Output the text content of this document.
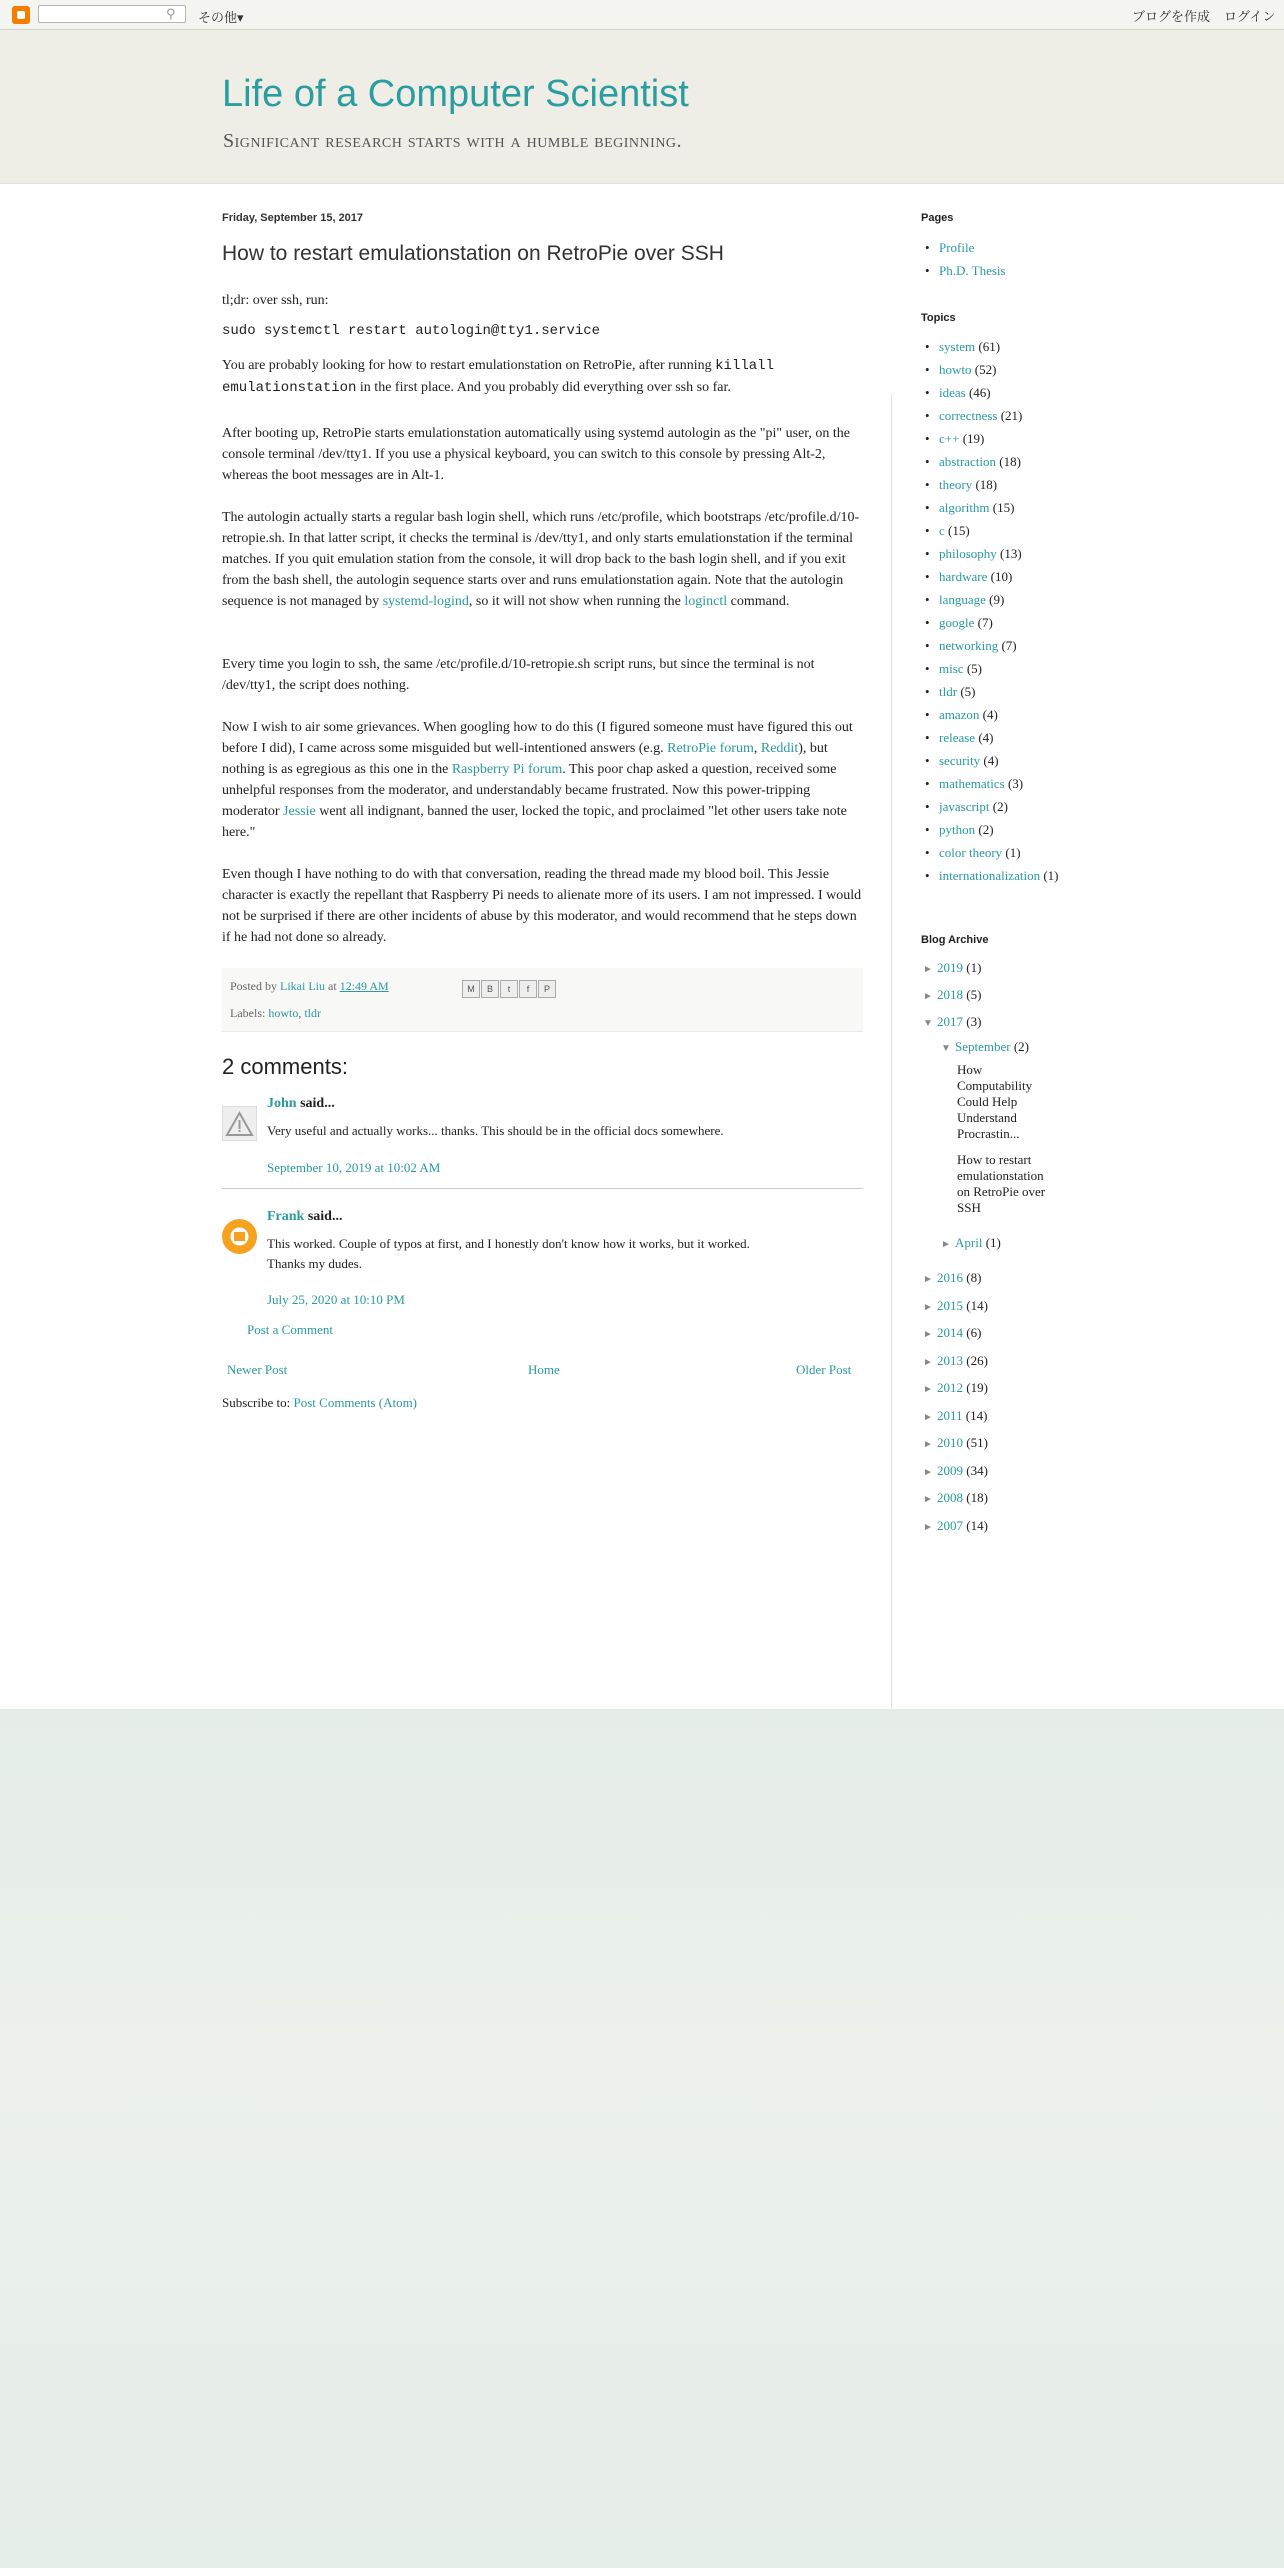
⚲ その他▾	ブログを作成 ログイン
Life of a Computer Scientist
Significant research starts with a humble beginning.
Friday, September 15, 2017
How to restart emulationstation on RetroPie over SSH

tl;dr: over ssh, run:

sudo systemctl restart autologin@tty1.service

You are probably looking for how to restart emulationstation on RetroPie, after running killall
emulationstation in the first place. And you probably did everything over ssh so far.

After booting up, RetroPie starts emulationstation automatically using systemd autologin as the "pi" user, on the console terminal /dev/tty1. If you use a physical keyboard, you can switch to this console by pressing Alt-2, whereas the boot messages are in Alt-1.

The autologin actually starts a regular bash login shell, which runs /etc/profile, which bootstraps /etc/profile.d/10-retropie.sh. In that latter script, it checks the terminal is /dev/tty1, and only starts emulationstation if the terminal matches. If you quit emulation station from the console, it will drop back to the bash login shell, and if you exit from the bash shell, the autologin sequence starts over and runs emulationstation again. Note that the autologin sequence is not managed by systemd-logind, so it will not show when running the loginctl command.

Every time you login to ssh, the same /etc/profile.d/10-retropie.sh script runs, but since the terminal is not /dev/tty1, the script does nothing.

Now I wish to air some grievances. When googling how to do this (I figured someone must have figured this out before I did), I came across some misguided but well-intentioned answers (e.g. RetroPie forum, Reddit), but nothing is as egregious as this one in the Raspberry Pi forum. This poor chap asked a question, received some unhelpful responses from the moderator, and understandably became frustrated. Now this power-tripping moderator Jessie went all indignant, banned the user, locked the topic, and proclaimed "let other users take note here."

Even though I have nothing to do with that conversation, reading the thread made my blood boil. This Jessie character is exactly the repellant that Raspberry Pi needs to alienate more of its users. I am not impressed. I would not be surprised if there are other incidents of abuse by this moderator, and would recommend that he steps down if he had not done so already.

Posted by Likai Liu at 12:49 AM	M	B	t	f	P
Labels: howto, tldr
2 comments:
John said...
Very useful and actually works... thanks. This should be in the official docs somewhere.
September 10, 2019 at 10:02 AM
Frank said...
This worked. Couple of typos at first, and I honestly don't know how it works, but it worked.
Thanks my dudes.
July 25, 2020 at 10:10 PM
Post a Comment
Newer Post	Home	Older Post
Subscribe to: Post Comments (Atom)
Pages
• Profile
• Ph.D. Thesis
Topics
• system (61)
• howto (52)
• ideas (46)
• correctness (21)
• c++ (19)
• abstraction (18)
• theory (18)
• algorithm (15)
• c (15)
• philosophy (13)
• hardware (10)
• language (9)
• google (7)
• networking (7)
• misc (5)
• tldr (5)
• amazon (4)
• release (4)
• security (4)
• mathematics (3)
• javascript (2)
• python (2)
• color theory (1)
• internationalization (1)
Blog Archive
► 2019 (1)
► 2018 (5)
▼ 2017 (3)
▼ September (2)
How Computability Could Help Understand Procrastin...
How to restart emulationstation on RetroPie over SSH
► April (1)
► 2016 (8)
► 2015 (14)
► 2014 (6)
► 2013 (26)
► 2012 (19)
► 2011 (14)
► 2010 (51)
► 2009 (34)
► 2008 (18)
► 2007 (14)
